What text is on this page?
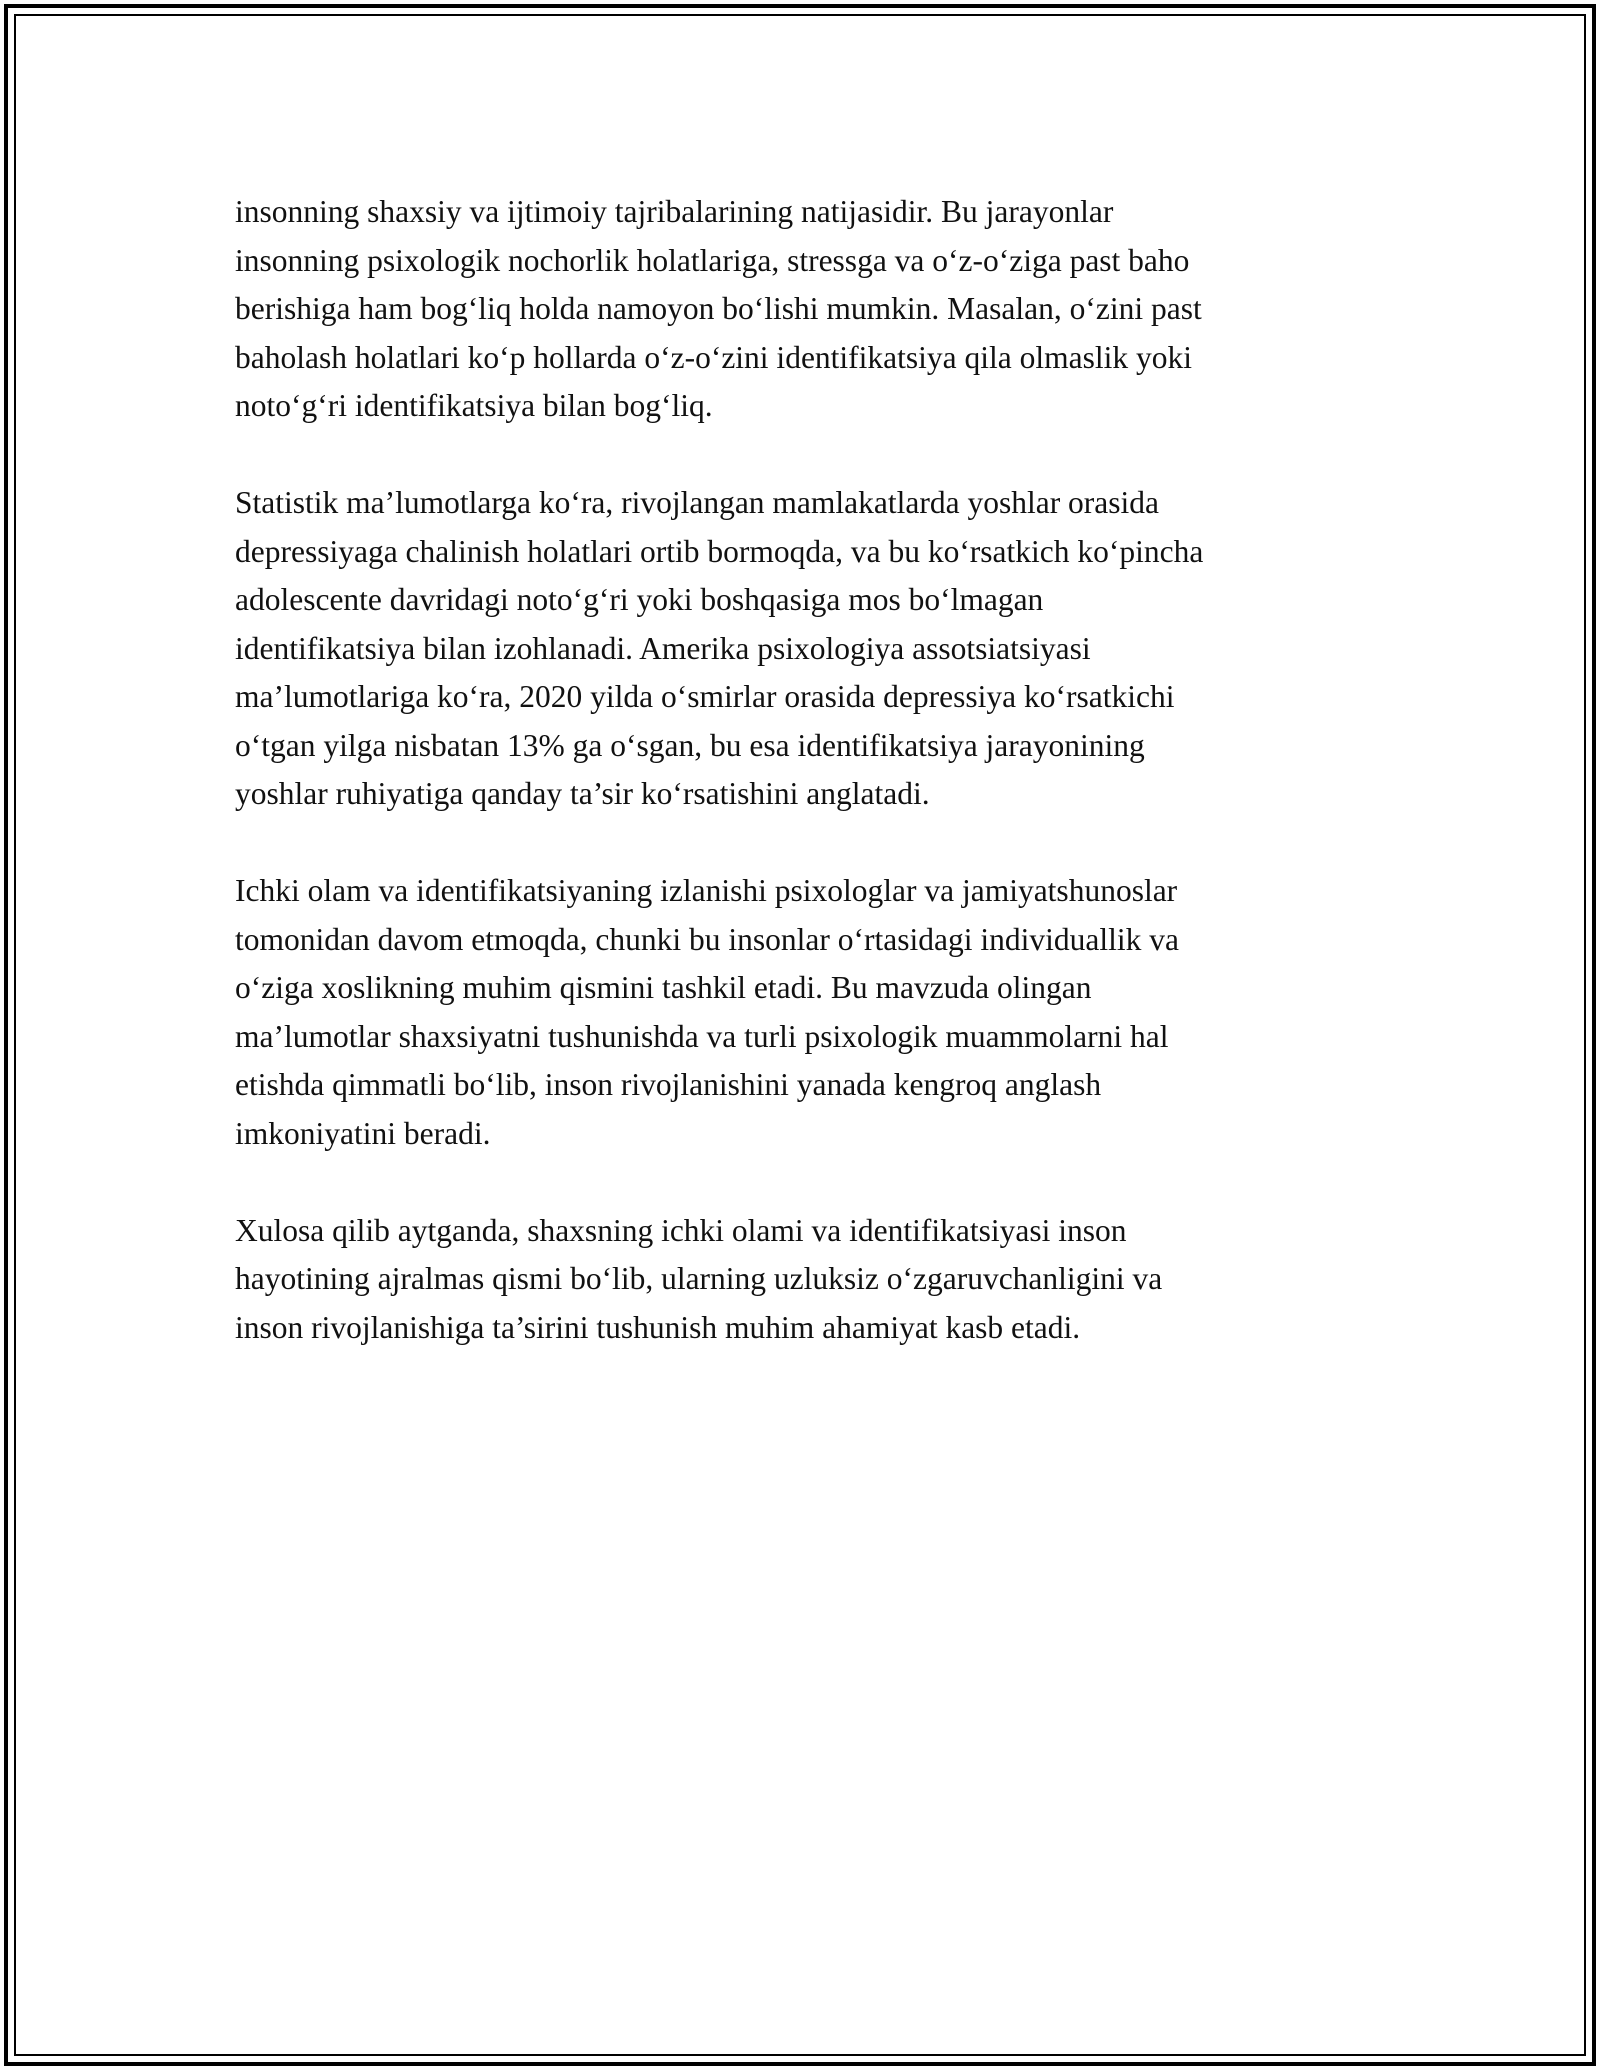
insonning shaxsiy va ijtimoiy tajribalarining natijasidir. Bu jarayonlar
insonning psixologik nochorlik holatlariga, stressga va o‘z-o‘ziga past baho
berishiga ham bog‘liq holda namoyon bo‘lishi mumkin. Masalan, o‘zini past
baholash holatlari ko‘p hollarda o‘z-o‘zini identifikatsiya qila olmaslik yoki
noto‘g‘ri identifikatsiya bilan bog‘liq.

Statistik ma’lumotlarga ko‘ra, rivojlangan mamlakatlarda yoshlar orasida
depressiyaga chalinish holatlari ortib bormoqda, va bu ko‘rsatkich ko‘pincha
adolescente davridagi noto‘g‘ri yoki boshqasiga mos bo‘lmagan
identifikatsiya bilan izohlanadi. Amerika psixologiya assotsiatsiyasi
ma’lumotlariga ko‘ra, 2020 yilda o‘smirlar orasida depressiya ko‘rsatkichi
o‘tgan yilga nisbatan 13% ga o‘sgan, bu esa identifikatsiya jarayonining
yoshlar ruhiyatiga qanday ta’sir ko‘rsatishini anglatadi.

Ichki olam va identifikatsiyaning izlanishi psixologlar va jamiyatshunoslar
tomonidan davom etmoqda, chunki bu insonlar o‘rtasidagi individuallik va
o‘ziga xoslikning muhim qismini tashkil etadi. Bu mavzuda olingan
ma’lumotlar shaxsiyatni tushunishda va turli psixologik muammolarni hal
etishda qimmatli bo‘lib, inson rivojlanishini yanada kengroq anglash
imkoniyatini beradi.

Xulosa qilib aytganda, shaxsning ichki olami va identifikatsiyasi inson
hayotining ajralmas qismi bo‘lib, ularning uzluksiz o‘zgaruvchanligini va
inson rivojlanishiga ta’sirini tushunish muhim ahamiyat kasb etadi.
